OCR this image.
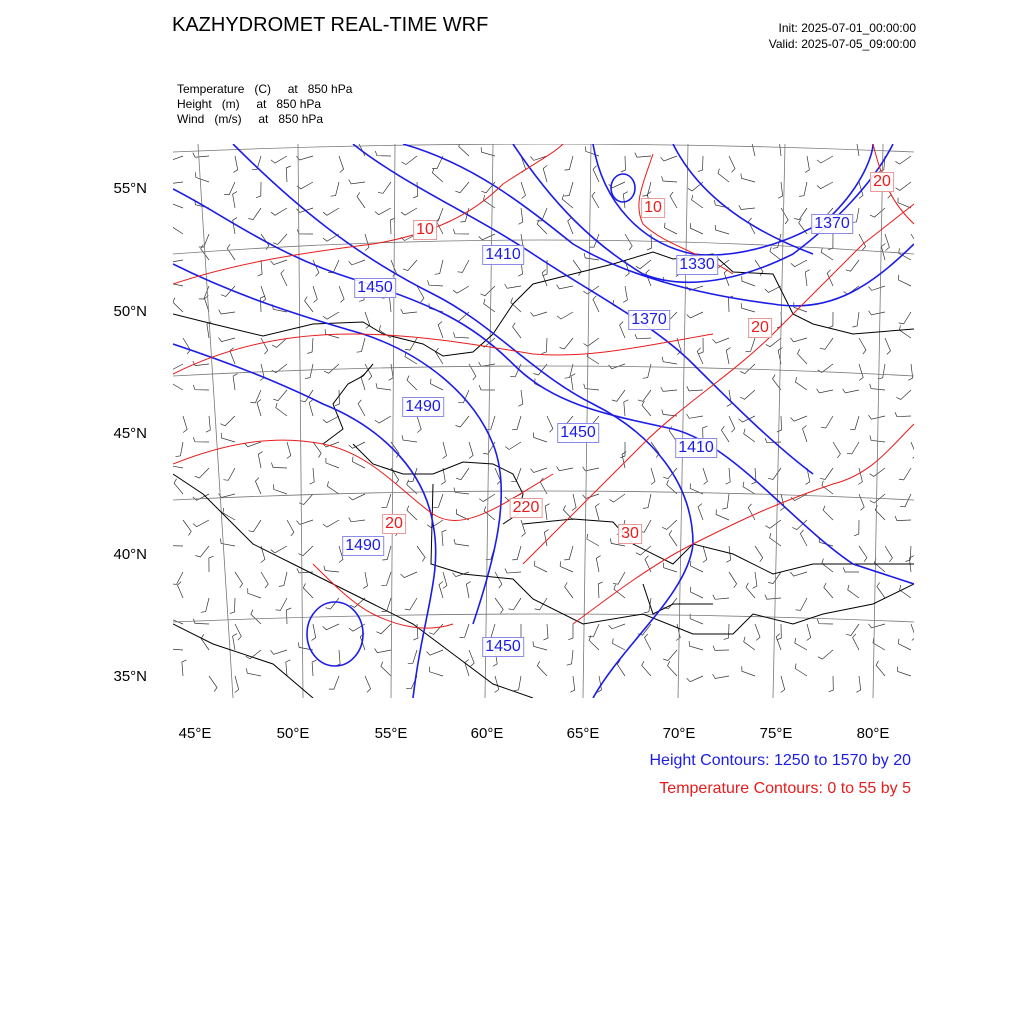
KAZHYDROMET REAL-TIME WRF	Init: 2025-07-01_00:00:00
Valid: 2025-07-05_09:00:00
Temperature   (C)     at   850 hPa
Height   (m)     at   850 hPa
Wind   (m/s)     at   850 hPa
1410
1330
1370
1450
1370
1490
1450
1410
1490
1450
10
10
20
20
220
20
30
55°N
50°N
45°N
40°N
35°N
45°E	50°E	55°E	60°E	65°E	70°E	75°E	80°E
Height Contours: 1250 to 1570 by 20
Temperature Contours: 0 to 55 by 5
